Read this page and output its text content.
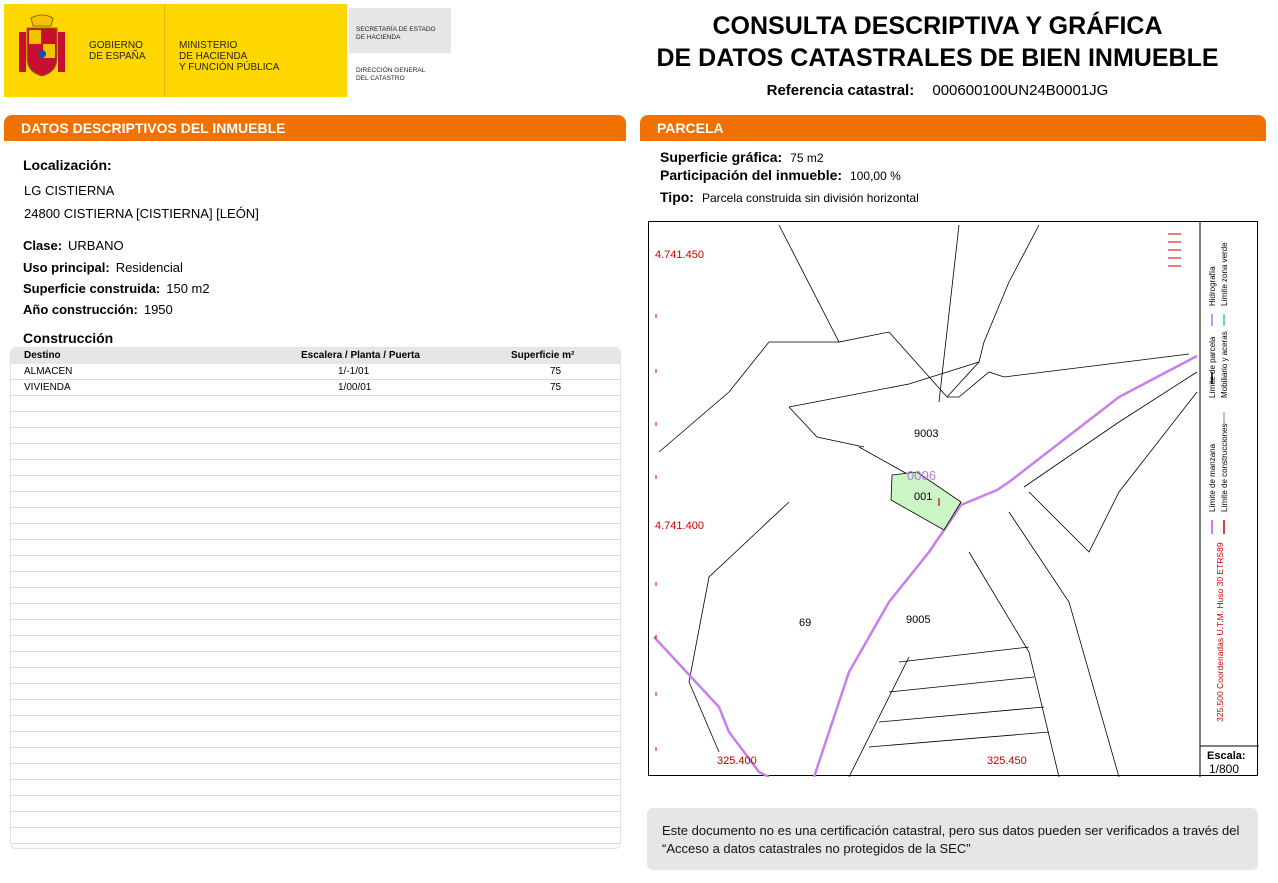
GOBIERNO
DE ESPAÑA
MINISTERIO
DE HACIENDA
Y FUNCIÓN PÚBLICA
SECRETARÍA DE ESTADO
DE HACIENDA
DIRECCIÓN GENERAL
DEL CATASTRO
CONSULTA DESCRIPTIVA Y GRÁFICA
DE DATOS CATASTRALES DE BIEN INMUEBLE
Referencia catastral: 000600100UN24B0001JG
DATOS DESCRIPTIVOS DEL INMUEBLE
Localización:
LG CISTIERNA
24800 CISTIERNA [CISTIERNA] [LEÓN]
Clase: URBANO
Uso principal: Residencial
Superficie construida: 150 m2
Año construcción: 1950
Construcción
Destino	Escalera / Planta / Puerta	Superficie m²
ALMACEN	1/-1/01	75
VIVIENDA	1/00/01	75
PARCELA
Superficie gráfica: 75 m2
Participación del inmueble: 100,00 %
Tipo: Parcela construida sin división horizontal
4.741.450
4.741.400
325.400	325.450
9003
0006
001
69	9005
Hidrografía Límite zona verde
Límite de parcela Mobiliario y aceras
Límite de manzana Límite de construcciones
325.500 Coordenadas U.T.M. Huso 30 ETRS89
Escala:
1/800
Este documento no es una certificación catastral, pero sus datos pueden ser verificados a través del “Acceso a datos catastrales no protegidos de la SEC”
